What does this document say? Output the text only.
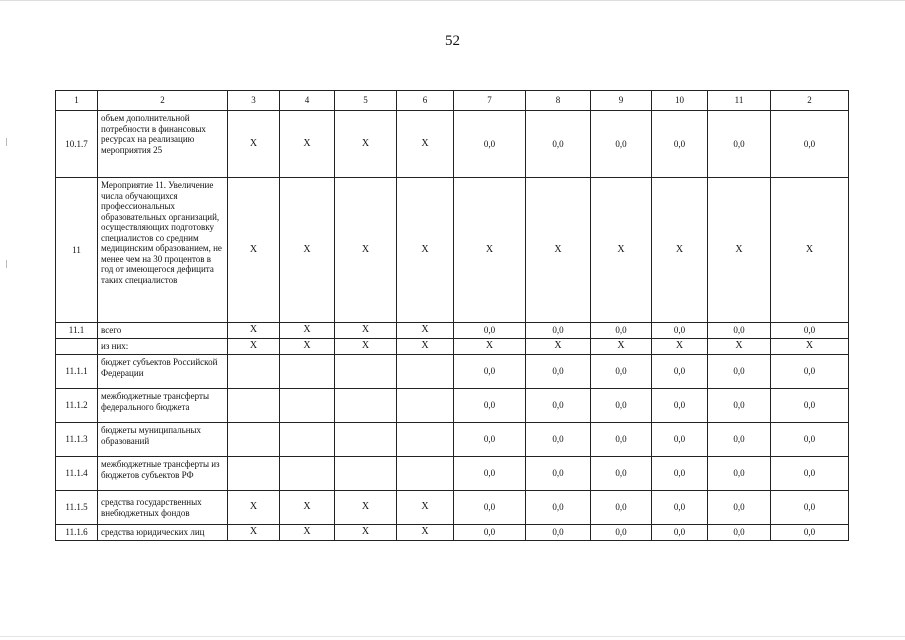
52
1	2	3	4	5	6	7	8	9	10	11	2
10.1.7	объем дополнительной потребности в финансовых ресурсах на реализацию мероприятия 25	Х	Х	Х	Х	0,0	0,0	0,0	0,0	0,0	0,0
11	Мероприятие 11. Увеличение числа обучающихся профессиональных образовательных организаций, осуществляющих подготовку специалистов со средним медицинским образованием, не менее чем на 30 процентов в год от имеющегося дефицита таких специалистов	Х	Х	Х	Х	Х	Х	Х	Х	Х	Х
11.1	всего	Х	Х	Х	Х	0,0	0,0	0,0	0,0	0,0	0,0
	из них:	Х	Х	Х	Х	Х	Х	Х	Х	Х	Х
11.1.1	бюджет субъектов Российской Федерации					0,0	0,0	0,0	0,0	0,0	0,0
11.1.2	межбюджетные трансферты федерального бюджета					0,0	0,0	0,0	0,0	0,0	0,0
11.1.3	бюджеты муниципальных образований					0,0	0,0	0,0	0,0	0,0	0,0
11.1.4	межбюджетные трансферты из бюджетов субъектов РФ					0,0	0,0	0,0	0,0	0,0	0,0
11.1.5	средства государственных внебюджетных фондов	Х	Х	Х	Х	0,0	0,0	0,0	0,0	0,0	0,0
11.1.6	средства юридических лиц	Х	Х	Х	Х	0,0	0,0	0,0	0,0	0,0	0,0
